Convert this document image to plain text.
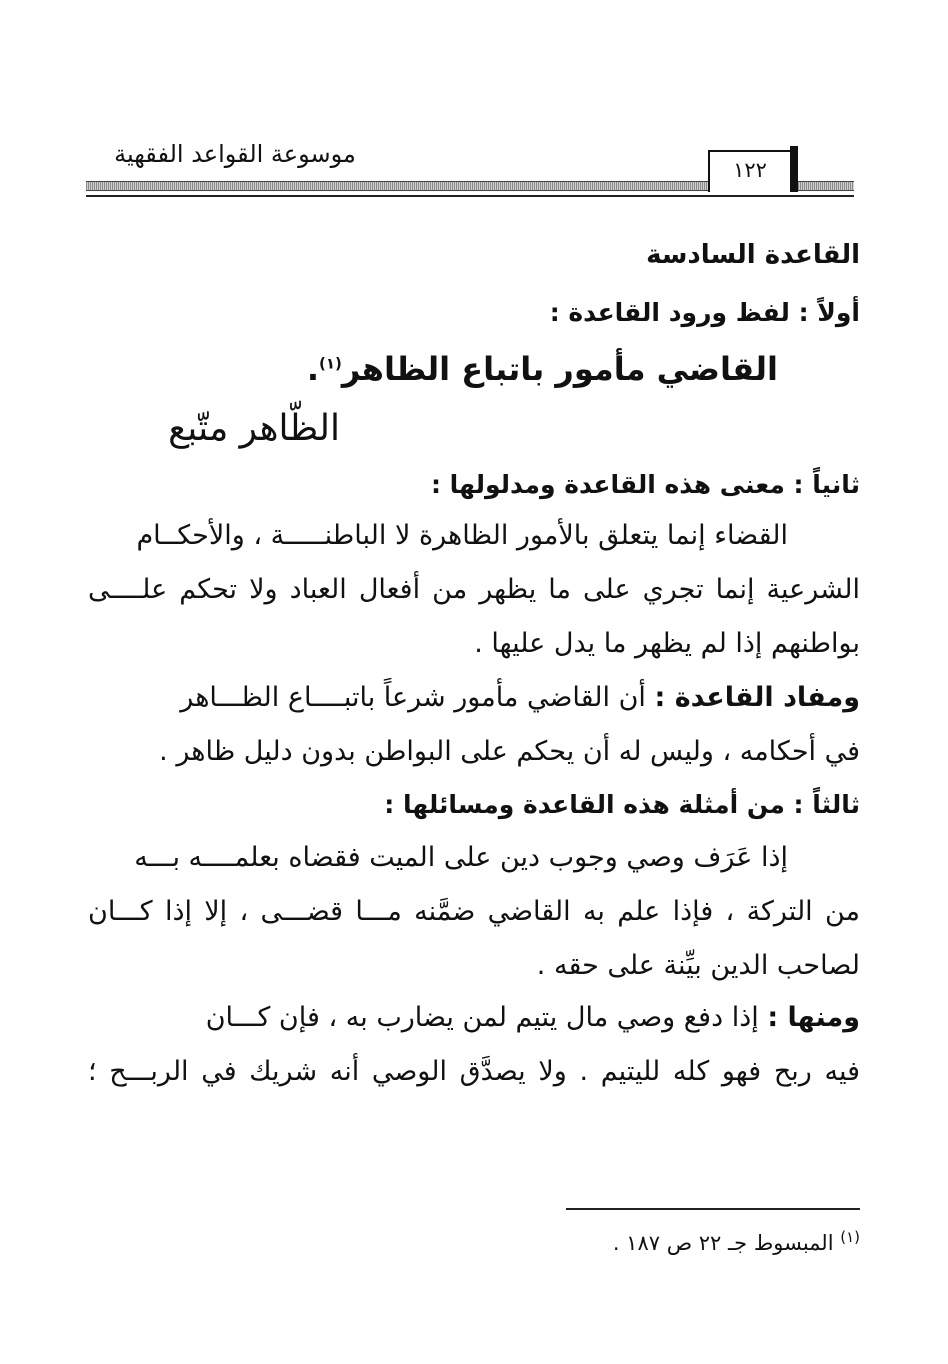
موسوعة القواعد الفقهية
١٢٢
القاعدة السادسة
أولاً : لفظ ورود القاعدة :
القاضي مأمور باتباع الظاهر$^{(١)}$.
الظّاهر متّبع
ثانياً : معنى هذه القاعدة ومدلولها :
القضاء إنما يتعلق بالأمور الظاهرة لا الباطنـــــة ، والأحكــام
الشرعية إنما تجري على ما يظهر من أفعال العباد ولا تحكم علــــى
بواطنهم إذا لم يظهر ما يدل عليها .
ومفاد القاعدة : أن القاضي مأمور شرعاً باتبــــاع الظـــاهر
في أحكامه ، وليس له أن يحكم على البواطن بدون دليل ظاهر .
ثالثاً : من أمثلة هذه القاعدة ومسائلها :
إذا عَرَف وصي وجوب دين على الميت فقضاه بعلمــــه بـــه
من التركة ، فإذا علم به القاضي ضمَّنه مـــا قضـــى ، إلا إذا كـــان
لصاحب الدين بيِّنة على حقه .
ومنها : إذا دفع وصي مال يتيم لمن يضارب به ، فإن كـــان
فيه ربح فهو كله لليتيم . ولا يصدَّق الوصي أنه شريك في الربـــح ؛
$^{(١)}$ المبسوط جـ ٢٢ ص ١٨٧ .
